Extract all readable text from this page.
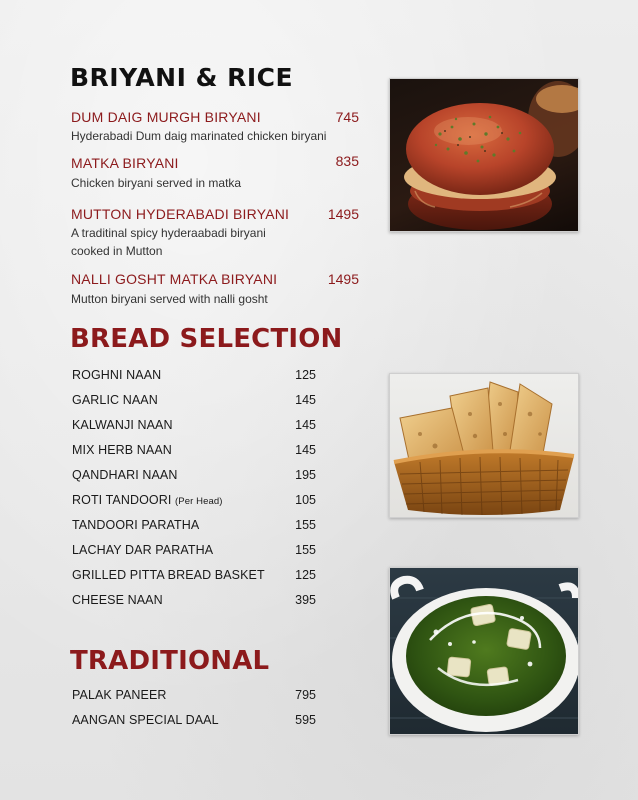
BRIYANI & RICE
DUM DAIG MURGH BIRYANI	745
Hyderabadi Dum daig marinated chicken biryani
MATKA BIRYANI	835
Chicken biryani served in matka
MUTTON HYDERABADI BIRYANI	1495
A traditinal spicy hyderaabadi biryani
cooked in Mutton
NALLI GOSHT MATKA BIRYANI	1495
Mutton biryani served with nalli gosht
BREAD SELECTION
ROGHNI NAAN	125
GARLIC NAAN	145
KALWANJI NAAN	145
MIX HERB NAAN	145
QANDHARI NAAN	195
ROTI TANDOORI (Per Head)	105
TANDOORI PARATHA	155
LACHAY DAR PARATHA	155
GRILLED PITTA BREAD BASKET	125
CHEESE NAAN	395
TRADITIONAL
PALAK PANEER	795
AANGAN SPECIAL DAAL	595
